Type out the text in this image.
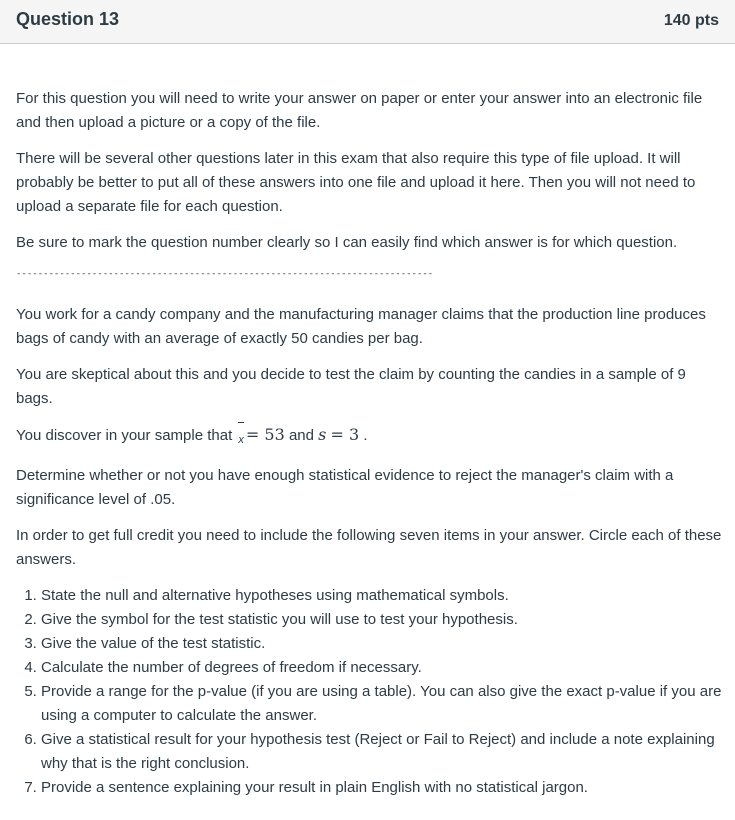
Question 13	140 pts

For this question you will need to write your answer on paper or enter your answer into an electronic file and then upload a picture or a copy of the file.

There will be several other questions later in this exam that also require this type of file upload. It will probably be better to put all of these answers into one file and upload it here. Then you will not need to upload a separate file for each question.

Be sure to mark the question number clearly so I can easily find which answer is for which question.

-----------------------------------------------------------------------------

You work for a candy company and the manufacturing manager claims that the production line produces bags of candy with an average of exactly 50 candies per bag.

You are skeptical about this and you decide to test the claim by counting the candies in a sample of 9 bags.

You discover in your sample that x = 53 and s = 3 .

Determine whether or not you have enough statistical evidence to reject the manager's claim with a significance level of .05.

In order to get full credit you need to include the following seven items in your answer. Circle each of these answers.

1. State the null and alternative hypotheses using mathematical symbols.
2. Give the symbol for the test statistic you will use to test your hypothesis.
3. Give the value of the test statistic.
4. Calculate the number of degrees of freedom if necessary.
5. Provide a range for the p-value (if you are using a table). You can also give the exact p-value if you are using a computer to calculate the answer.
6. Give a statistical result for your hypothesis test (Reject or Fail to Reject) and include a note explaining why that is the right conclusion.
7. Provide a sentence explaining your result in plain English with no statistical jargon.
